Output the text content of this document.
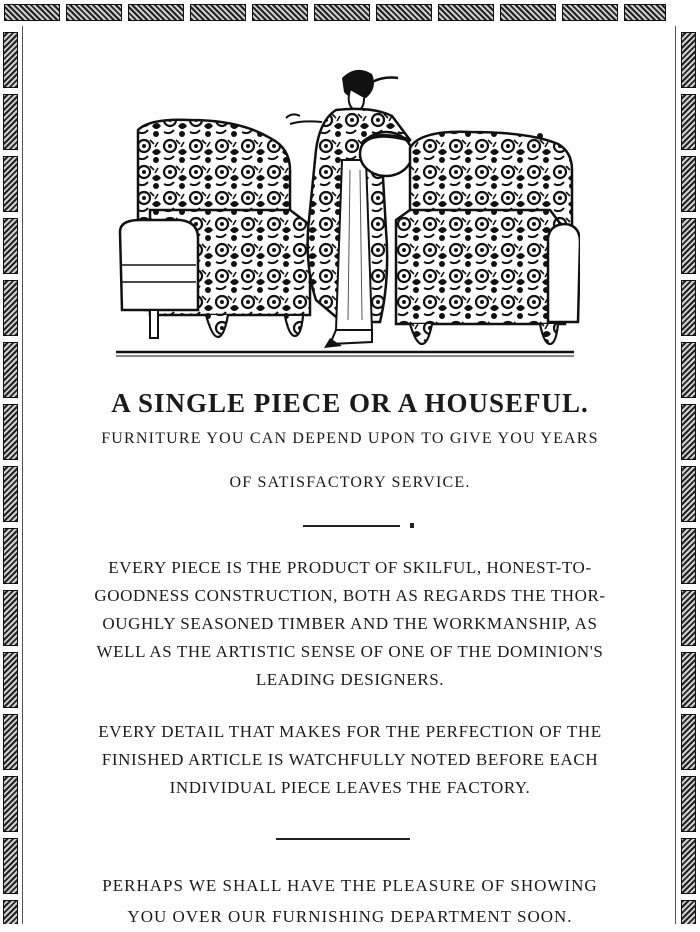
A SINGLE PIECE OR A HOUSEFUL.
FURNITURE YOU CAN DEPEND UPON TO GIVE YOU YEARS
OF SATISFACTORY SERVICE.
EVERY PIECE IS THE PRODUCT OF SKILFUL, HONEST-TO-
GOODNESS CONSTRUCTION, BOTH AS REGARDS THE THOR-
OUGHLY SEASONED TIMBER AND THE WORKMANSHIP, AS
WELL AS THE ARTISTIC SENSE OF ONE OF THE DOMINION'S
LEADING DESIGNERS.
EVERY DETAIL THAT MAKES FOR THE PERFECTION OF THE
FINISHED ARTICLE IS WATCHFULLY NOTED BEFORE EACH
INDIVIDUAL PIECE LEAVES THE FACTORY.
PERHAPS WE SHALL HAVE THE PLEASURE OF SHOWING
YOU OVER OUR FURNISHING DEPARTMENT SOON.
